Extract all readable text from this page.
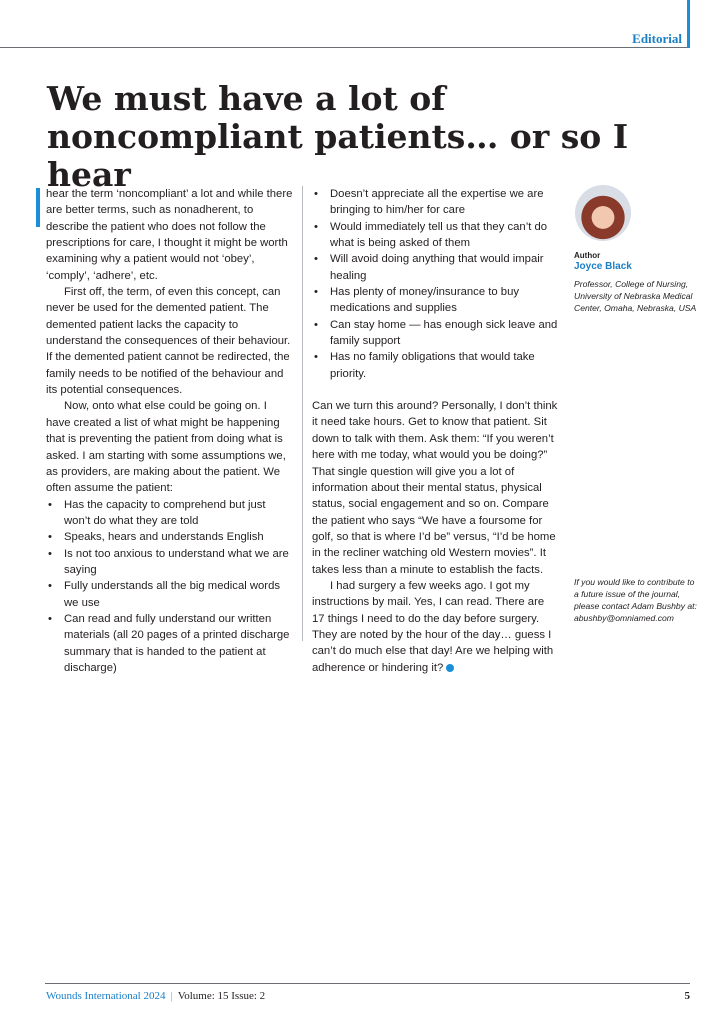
Editorial
We must have a lot of noncompliant patients… or so I hear

hear the term ‘noncompliant’ a lot and while there are better terms, such as nonadherent, to describe the patient who does not follow the prescriptions for care, I thought it might be worth examining why a patient would not ‘obey’, ‘comply’, ‘adhere’, etc.

First off, the term, of even this concept, can never be used for the demented patient. The demented patient lacks the capacity to understand the consequences of their behaviour. If the demented patient cannot be redirected, the family needs to be notified of the behaviour and its potential consequences.

Now, onto what else could be going on. I have created a list of what might be happening that is preventing the patient from doing what is asked. I am starting with some assumptions we, as providers, are making about the patient. We often assume the patient:

• Has the capacity to comprehend but just won’t do what they are told
• Speaks, hears and understands English
• Is not too anxious to understand what we are saying
• Fully understands all the big medical words we use
• Can read and fully understand our written materials (all 20 pages of a printed discharge summary that is handed to the patient at discharge)
• Doesn’t appreciate all the expertise we are bringing to him/her for care
• Would immediately tell us that they can’t do what is being asked of them
• Will avoid doing anything that would impair healing
• Has plenty of money/insurance to buy medications and supplies
• Can stay home — has enough sick leave and family support
• Has no family obligations that would take priority.

Can we turn this around? Personally, I don’t think it need take hours. Get to know that patient. Sit down to talk with them. Ask them: “If you weren’t here with me today, what would you be doing?” That single question will give you a lot of information about their mental status, physical status, social engagement and so on. Compare the patient who says “We have a foursome for golf, so that is where I’d be” versus, “I’d be home in the recliner watching old Western movies”. It takes less than a minute to establish the facts.

I had surgery a few weeks ago. I got my instructions by mail. Yes, I can read. There are 17 things I need to do the day before surgery. They are noted by the hour of the day… guess I can’t do much else that day! Are we helping with adherence or hindering it?

Author
Joyce Black
Professor, College of Nursing, University of Nebraska Medical Center, Omaha, Nebraska, USA
If you would like to contribute to a future issue of the journal, please contact Adam Bushby at: abushby@omniamed.com
Wounds International 2024 | Volume: 15 Issue: 2	5
